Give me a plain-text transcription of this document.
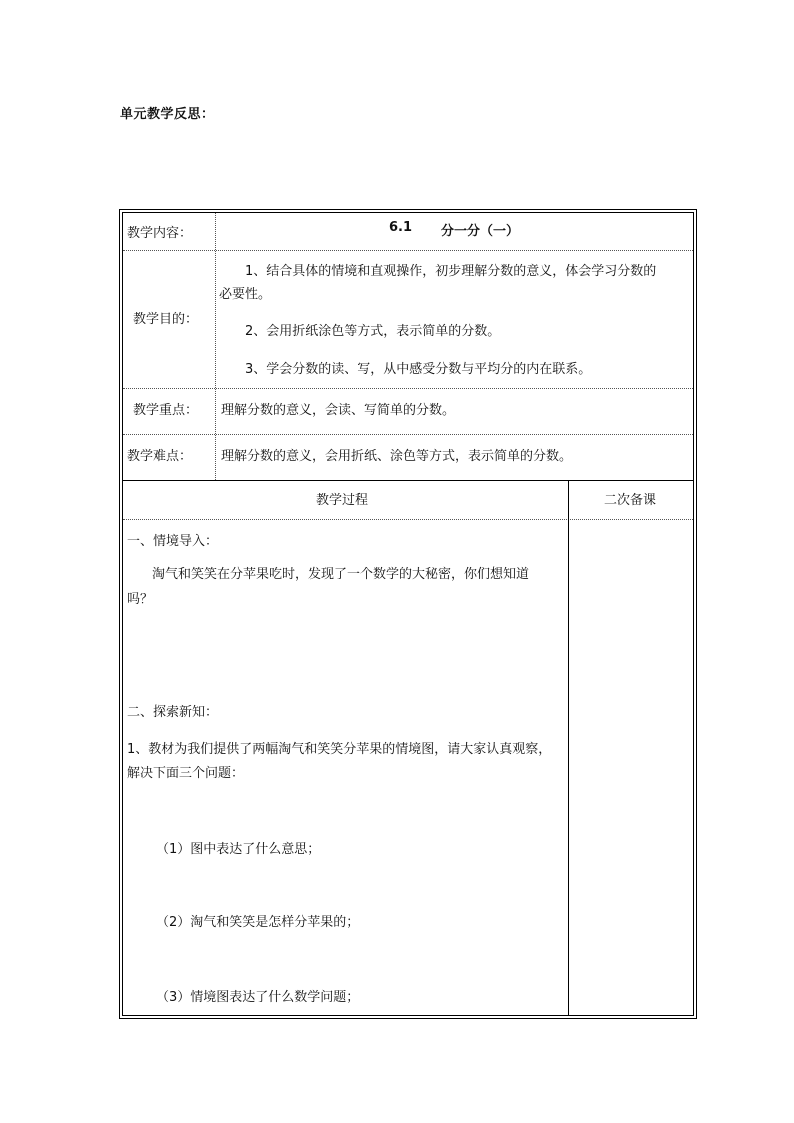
单元教学反思：
教学内容：	6.1 分一分（一）
教学目的：
1、结合具体的情境和直观操作，初步理解分数的意义，体会学习分数的
必要性。
2、会用折纸涂色等方式，表示简单的分数。
3、学会分数的读、写，从中感受分数与平均分的内在联系。
教学重点： 理解分数的意义，会读、写简单的分数。
教学难点： 理解分数的意义，会用折纸、涂色等方式，表示简单的分数。
教学过程	二次备课
一、情境导入：
淘气和笑笑在分苹果吃时，发现了一个数学的大秘密，你们想知道
吗？
二、探索新知：
1、教材为我们提供了两幅淘气和笑笑分苹果的情境图，请大家认真观察，
解决下面三个问题：
（1）图中表达了什么意思；
（2）淘气和笑笑是怎样分苹果的；
（3）情境图表达了什么数学问题；
